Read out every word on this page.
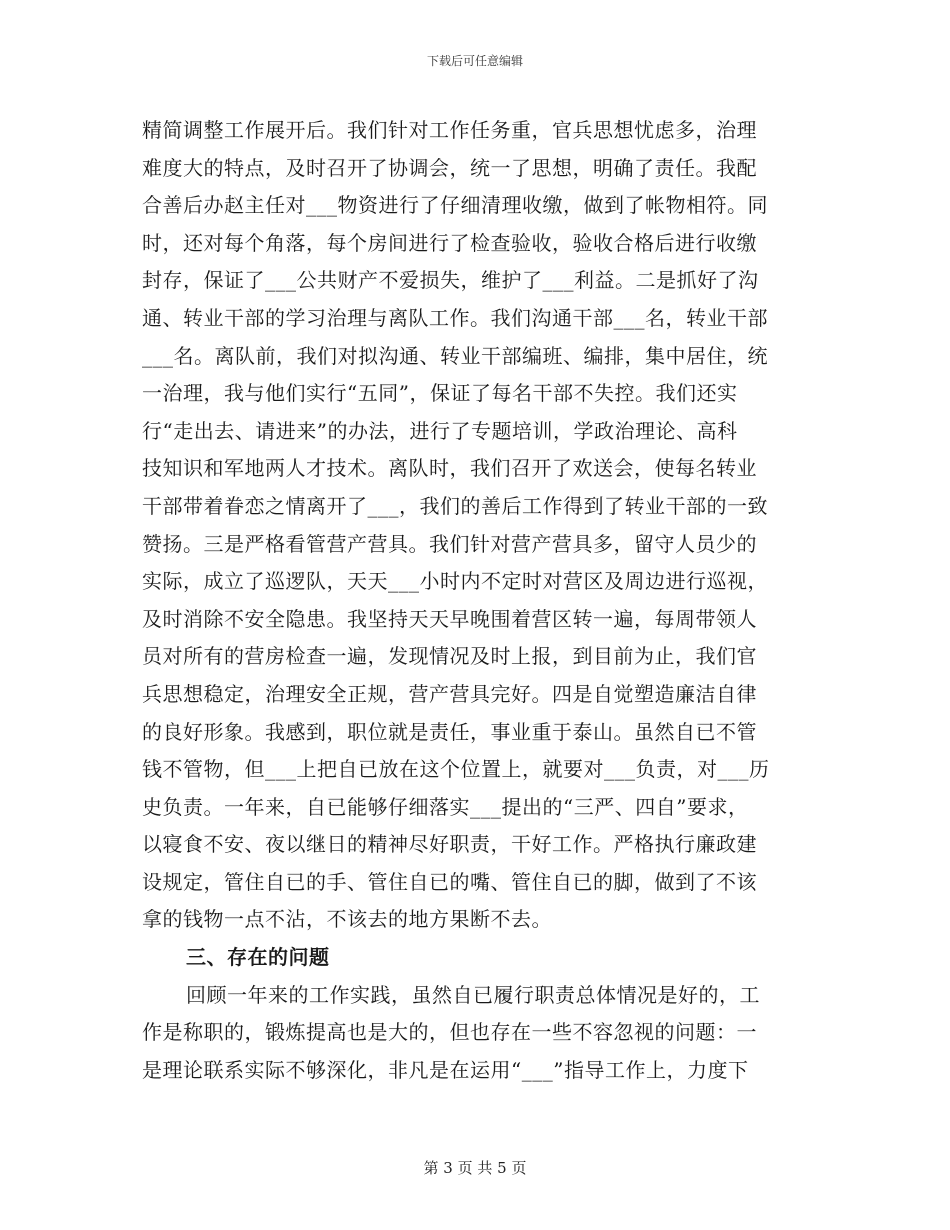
下载后可任意编辑
精简调整工作展开后。我们针对工作任务重，官兵思想忧虑多，治理
难度大的特点，及时召开了协调会，统一了思想，明确了责任。我配
合善后办赵主任对___物资进行了仔细清理收缴，做到了帐物相符。同
时，还对每个角落，每个房间进行了检查验收，验收合格后进行收缴
封存，保证了___公共财产不爱损失，维护了___利益。二是抓好了沟
通、转业干部的学习治理与离队工作。我们沟通干部___名，转业干部
___名。离队前，我们对拟沟通、转业干部编班、编排，集中居住，统
一治理，我与他们实行“五同”，保证了每名干部不失控。我们还实
行“走出去、请进来”的办法，进行了专题培训，学政治理论、高科
技知识和军地两人才技术。离队时，我们召开了欢送会，使每名转业
干部带着眷恋之情离开了___，我们的善后工作得到了转业干部的一致
赞扬。三是严格看管营产营具。我们针对营产营具多，留守人员少的
实际，成立了巡逻队，天天___小时内不定时对营区及周边进行巡视，
及时消除不安全隐患。我坚持天天早晚围着营区转一遍，每周带领人
员对所有的营房检查一遍，发现情况及时上报，到目前为止，我们官
兵思想稳定，治理安全正规，营产营具完好。四是自觉塑造廉洁自律
的良好形象。我感到，职位就是责任，事业重于泰山。虽然自已不管
钱不管物，但___上把自已放在这个位置上，就要对___负责，对___历
史负责。一年来，自已能够仔细落实___提出的“三严、四自”要求，
以寝食不安、夜以继日的精神尽好职责，干好工作。严格执行廉政建
设规定，管住自已的手、管住自已的嘴、管住自已的脚，做到了不该
拿的钱物一点不沾，不该去的地方果断不去。
三、存在的问题
回顾一年来的工作实践，虽然自已履行职责总体情况是好的，工
作是称职的，锻炼提高也是大的，但也存在一些不容忽视的问题：一
是理论联系实际不够深化，非凡是在运用“___”指导工作上，力度下
第 3 页 共 5 页
